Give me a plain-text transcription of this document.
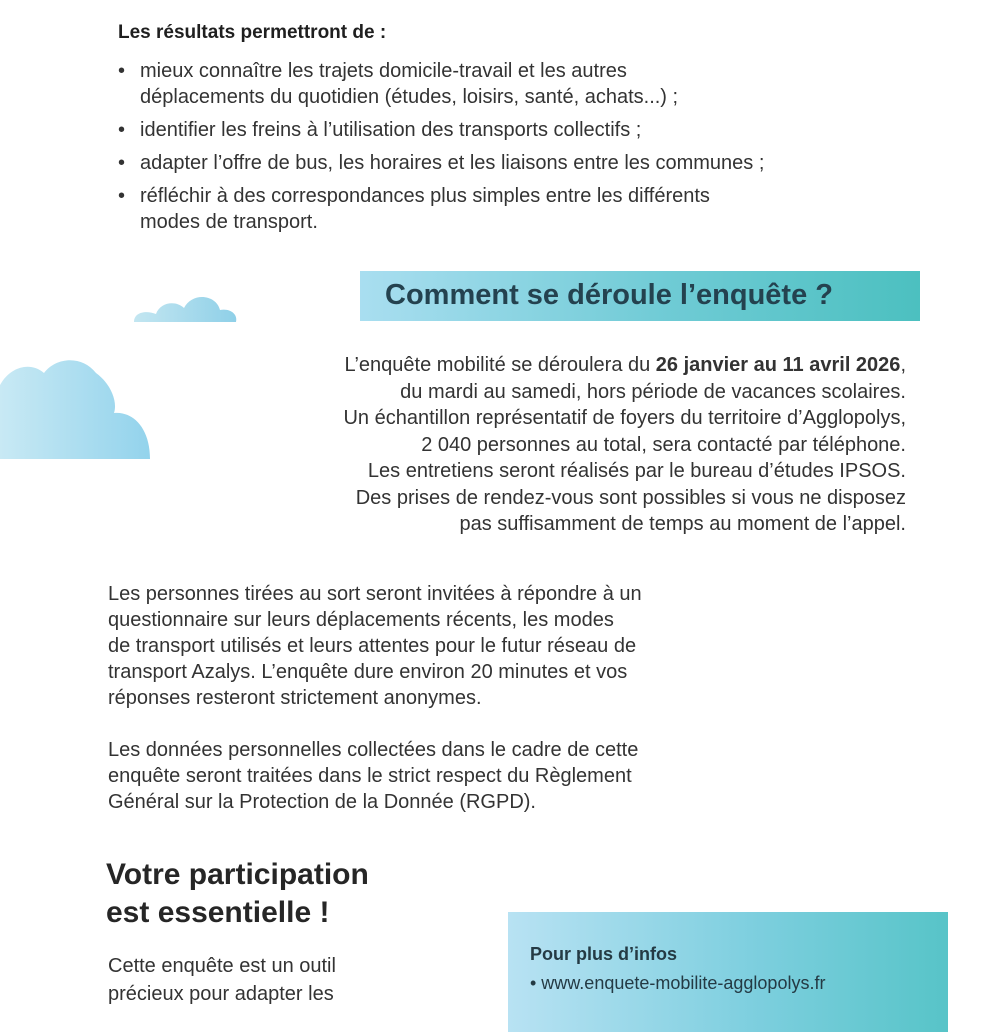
Les résultats permettront de :
• mieux connaître les trajets domicile-travail et les autres
déplacements du quotidien (études, loisirs, santé, achats...) ;
• identifier les freins à l’utilisation des transports collectifs ;
• adapter l’offre de bus, les horaires et les liaisons entre les communes ;
• réfléchir à des correspondances plus simples entre les différents
modes de transport.
Comment se déroule l’enquête ?

L’enquête mobilité se déroulera du 26 janvier au 11 avril 2026,
du mardi au samedi, hors période de vacances scolaires.
Un échantillon représentatif de foyers du territoire d’Agglopolys,
2 040 personnes au total, sera contacté par téléphone.
Les entretiens seront réalisés par le bureau d’études IPSOS.
Des prises de rendez-vous sont possibles si vous ne disposez
pas suffisamment de temps au moment de l’appel.

Les personnes tirées au sort seront invitées à répondre à un
questionnaire sur leurs déplacements récents, les modes
de transport utilisés et leurs attentes pour le futur réseau de
transport Azalys. L’enquête dure environ 20 minutes et vos
réponses resteront strictement anonymes.

Les données personnelles collectées dans le cadre de cette
enquête seront traitées dans le strict respect du Règlement
Général sur la Protection de la Donnée (RGPD).

Votre participation
est essentielle !

Cette enquête est un outil
précieux pour adapter les

Pour plus d’infos

• www.enquete-mobilite-agglopolys.fr
